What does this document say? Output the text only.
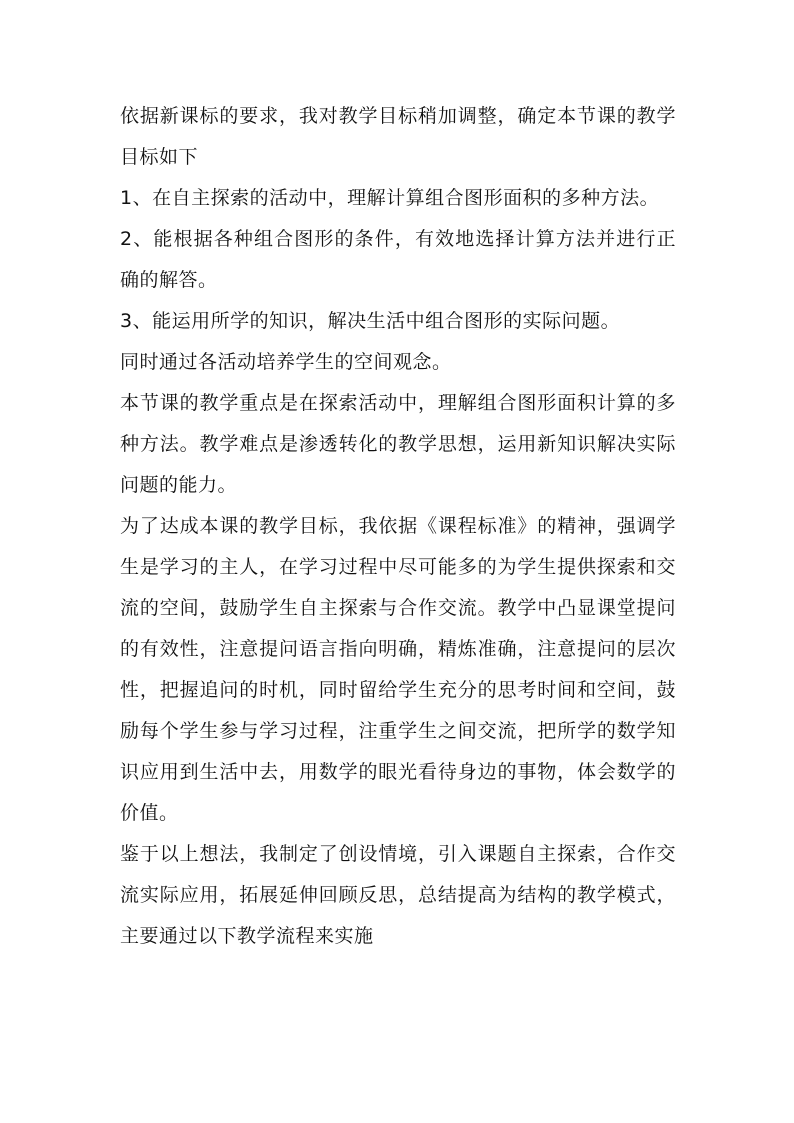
依据新课标的要求，我对教学目标稍加调整，确定本节课的教学目标如下

1、在自主探索的活动中，理解计算组合图形面积的多种方法。

2、能根据各种组合图形的条件，有效地选择计算方法并进行正确的解答。

3、能运用所学的知识，解决生活中组合图形的实际问题。

同时通过各活动培养学生的空间观念。

本节课的教学重点是在探索活动中，理解组合图形面积计算的多种方法。教学难点是渗透转化的教学思想，运用新知识解决实际问题的能力。

为了达成本课的教学目标，我依据《课程标准》的精神，强调学生是学习的主人，在学习过程中尽可能多的为学生提供探索和交流的空间，鼓励学生自主探索与合作交流。教学中凸显课堂提问的有效性，注意提问语言指向明确，精炼准确，注意提问的层次性，把握追问的时机，同时留给学生充分的思考时间和空间，鼓励每个学生参与学习过程，注重学生之间交流，把所学的数学知识应用到生活中去，用数学的眼光看待身边的事物，体会数学的价值。

鉴于以上想法，我制定了创设情境，引入课题自主探索，合作交流实际应用，拓展延伸回顾反思，总结提高为结构的教学模式，主要通过以下教学流程来实施
